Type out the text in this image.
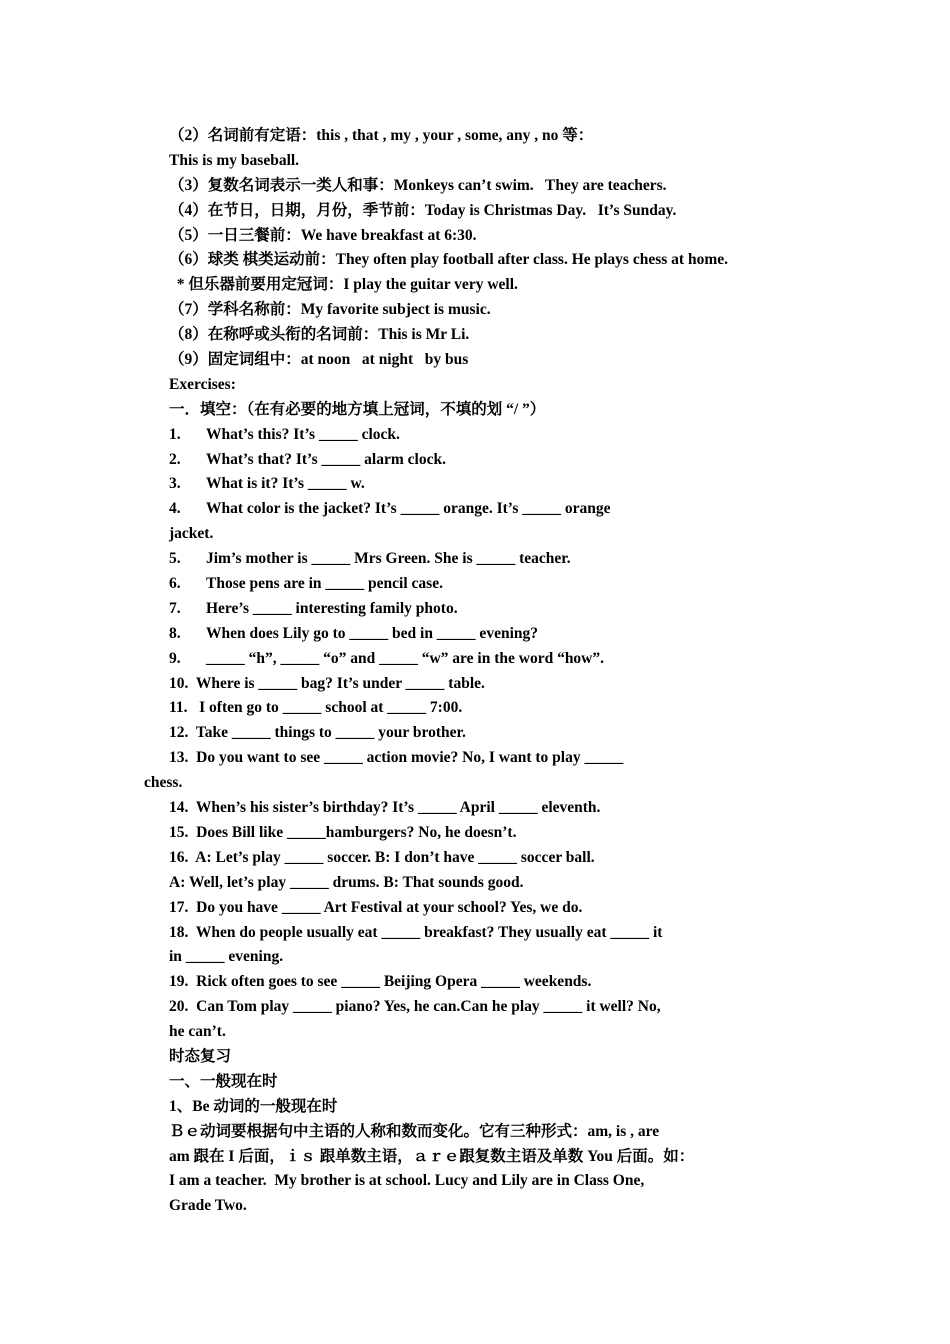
（2）名词前有定语：this , that , my , your , some, any , no 等：
This is my baseball.
（3）复数名词表示一类人和事：Monkeys can’t swim.   They are teachers.
（4）在节日，日期，月份，季节前：Today is Christmas Day.   It’s Sunday.
（5）一日三餐前：We have breakfast at 6:30.
（6）球类 棋类运动前：They often play football after class. He plays chess at home.
* 但乐器前要用定冠词：I play the guitar very well.
（7）学科名称前：My favorite subject is music.
（8）在称呼或头衔的名词前：This is Mr Li.
（9）固定词组中：at noon   at night   by bus
Exercises:
一．填空：（在有必要的地方填上冠词，不填的划 “/ ”）
1. What’s this? It’s _____ clock.
2. What’s that? It’s _____ alarm clock.
3. What is it? It’s _____ w.
4. What color is the jacket? It’s _____ orange. It’s _____ orange
jacket.
5. Jim’s mother is _____ Mrs Green. She is _____ teacher.
6. Those pens are in _____ pencil case.
7. Here’s _____ interesting family photo.
8. When does Lily go to _____ bed in _____ evening?
9. _____ “h”, _____ “o” and _____ “w” are in the word “how”.
10.  Where is _____ bag? It’s under _____ table.
11.   I often go to _____ school at _____ 7:00.
12.  Take _____ things to _____ your brother.
13.  Do you want to see _____ action movie? No, I want to play _____
chess.
14.  When’s his sister’s birthday? It’s _____ April _____ eleventh.
15.  Does Bill like _____hamburgers? No, he doesn’t.
16.  A: Let’s play _____ soccer. B: I don’t have _____ soccer ball.
A: Well, let’s play _____ drums. B: That sounds good.
17.  Do you have _____ Art Festival at your school? Yes, we do.
18.  When do people usually eat _____ breakfast? They usually eat _____ it
in _____ evening.
19.  Rick often goes to see _____ Beijing Opera _____ weekends.
20.  Can Tom play _____ piano? Yes, he can.Can he play _____ it well? No,
he can’t.
时态复习
一、一般现在时
1、Be 动词的一般现在时
Ｂｅ动词要根据句中主语的人称和数而变化。它有三种形式：am, is , are
am 跟在 I 后面，ｉｓ 跟单数主语，ａｒｅ跟复数主语及单数 You 后面。如：
I am a teacher.  My brother is at school. Lucy and Lily are in Class One,
Grade Two.
